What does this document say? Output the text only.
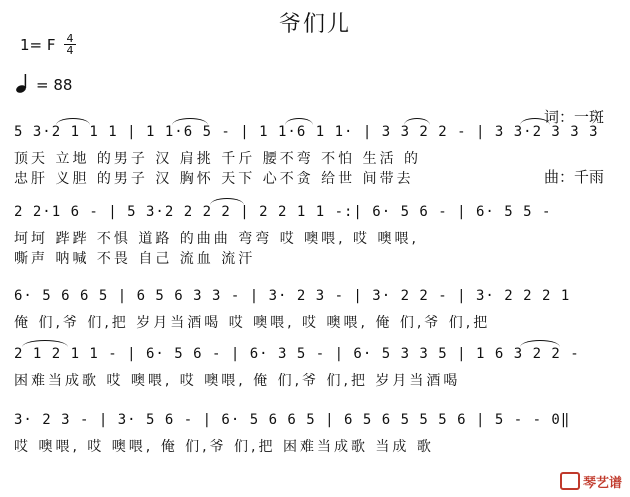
爷们儿
1= F $\frac{4}{4}$
= 88

词：一斑

曲：千雨

5 3·2 1 1 1 | 1 1·6 5 - | 1 1·6 1 1· | 3 3 2 2 - | 3 3·2 3 3 3
顶天 立地 的男子 汉 肩挑 千斤 腰不弯 不怕 生活 的
忠肝 义胆 的男子 汉 胸怀 天下 心不贪 给世 间带去
2 2·1 6 - | 5 3·2 2 2 2 | 2 2 1 1 -:| 6· 5 6 - | 6· 5 5 -
坷坷 跸跸 不惧 道路 的曲曲 弯弯 哎 噢喂, 哎 噢喂,
嘶声 呐喊 不畏 自己 流血 流汗
6· 5 6 6 5 | 6 5 6 3 3 - | 3· 2 3 - | 3· 2 2 - | 3· 2 2 2 1
俺 们,爷 们,把 岁月当酒喝 哎 噢喂, 哎 噢喂, 俺 们,爷 们,把
2 1 2 1 1 - | 6· 5 6 - | 6· 3 5 - | 6· 5 3 3 5 | 1 6 3 2 2 -
困难当成歌 哎 噢喂, 哎 噢喂, 俺 们,爷 们,把 岁月当酒喝
3· 2 3 - | 3· 5 6 - | 6· 5 6 6 5 | 6 5 6 5 5 5 6 | 5 - - 0‖
哎 噢喂, 哎 噢喂, 俺 们,爷 们,把 困难当成歌 当成 歌
琴艺谱
